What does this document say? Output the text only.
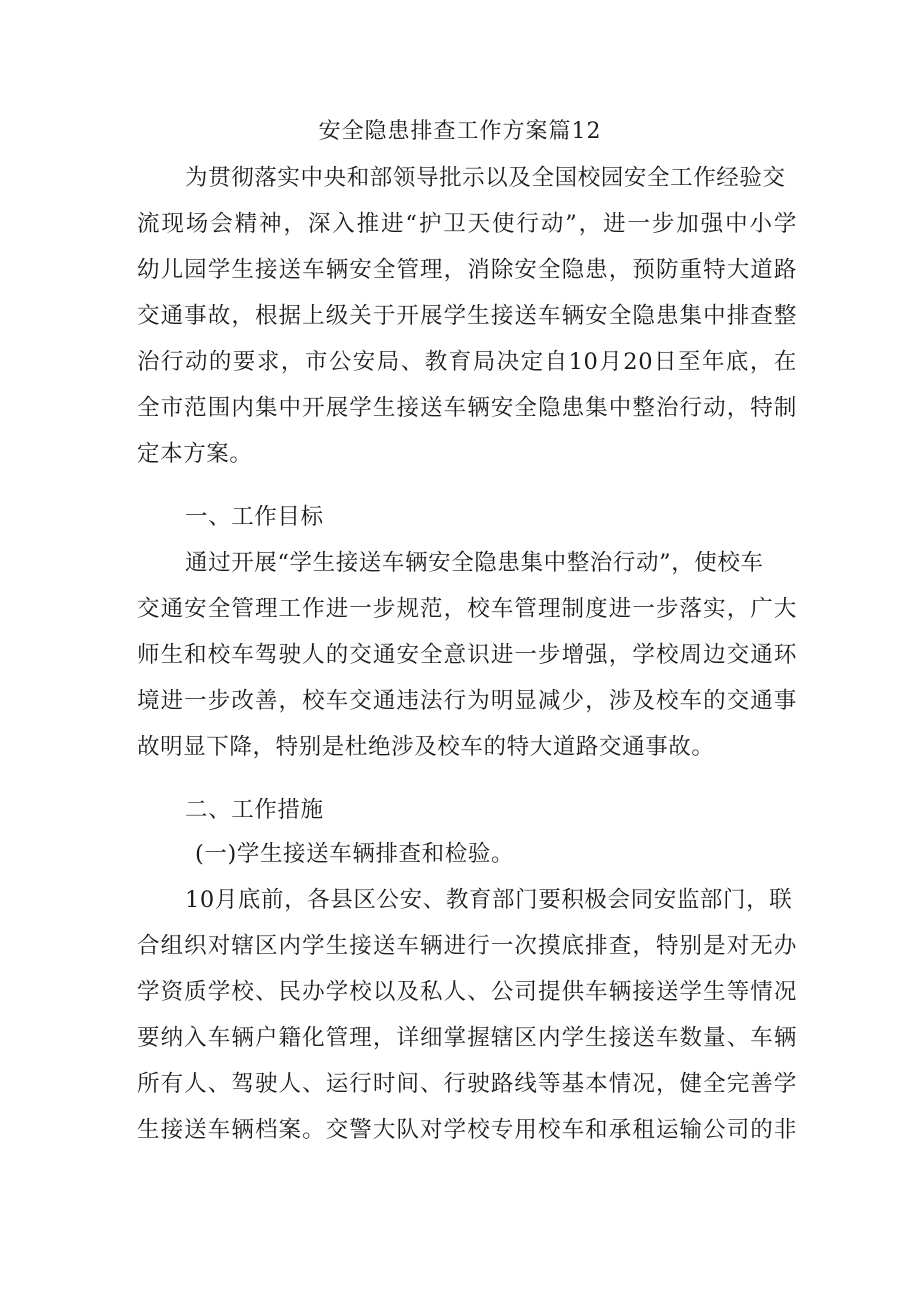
安全隐患排查工作方案篇12
为贯彻落实中央和部领导批示以及全国校园安全工作经验交
流现场会精神，深入推进“护卫天使行动”，进一步加强中小学
幼儿园学生接送车辆安全管理，消除安全隐患，预防重特大道路
交通事故，根据上级关于开展学生接送车辆安全隐患集中排查整
治行动的要求，市公安局、教育局决定自10月20日至年底，在
全市范围内集中开展学生接送车辆安全隐患集中整治行动，特制
定本方案。
一、工作目标
通过开展“学生接送车辆安全隐患集中整治行动”，使校车
交通安全管理工作进一步规范，校车管理制度进一步落实，广大
师生和校车驾驶人的交通安全意识进一步增强，学校周边交通环
境进一步改善，校车交通违法行为明显减少，涉及校车的交通事
故明显下降，特别是杜绝涉及校车的特大道路交通事故。
二、工作措施
(一)学生接送车辆排查和检验。
10月底前，各县区公安、教育部门要积极会同安监部门，联
合组织对辖区内学生接送车辆进行一次摸底排查，特别是对无办
学资质学校、民办学校以及私人、公司提供车辆接送学生等情况
要纳入车辆户籍化管理，详细掌握辖区内学生接送车数量、车辆
所有人、驾驶人、运行时间、行驶路线等基本情况，健全完善学
生接送车辆档案。交警大队对学校专用校车和承租运输公司的非
